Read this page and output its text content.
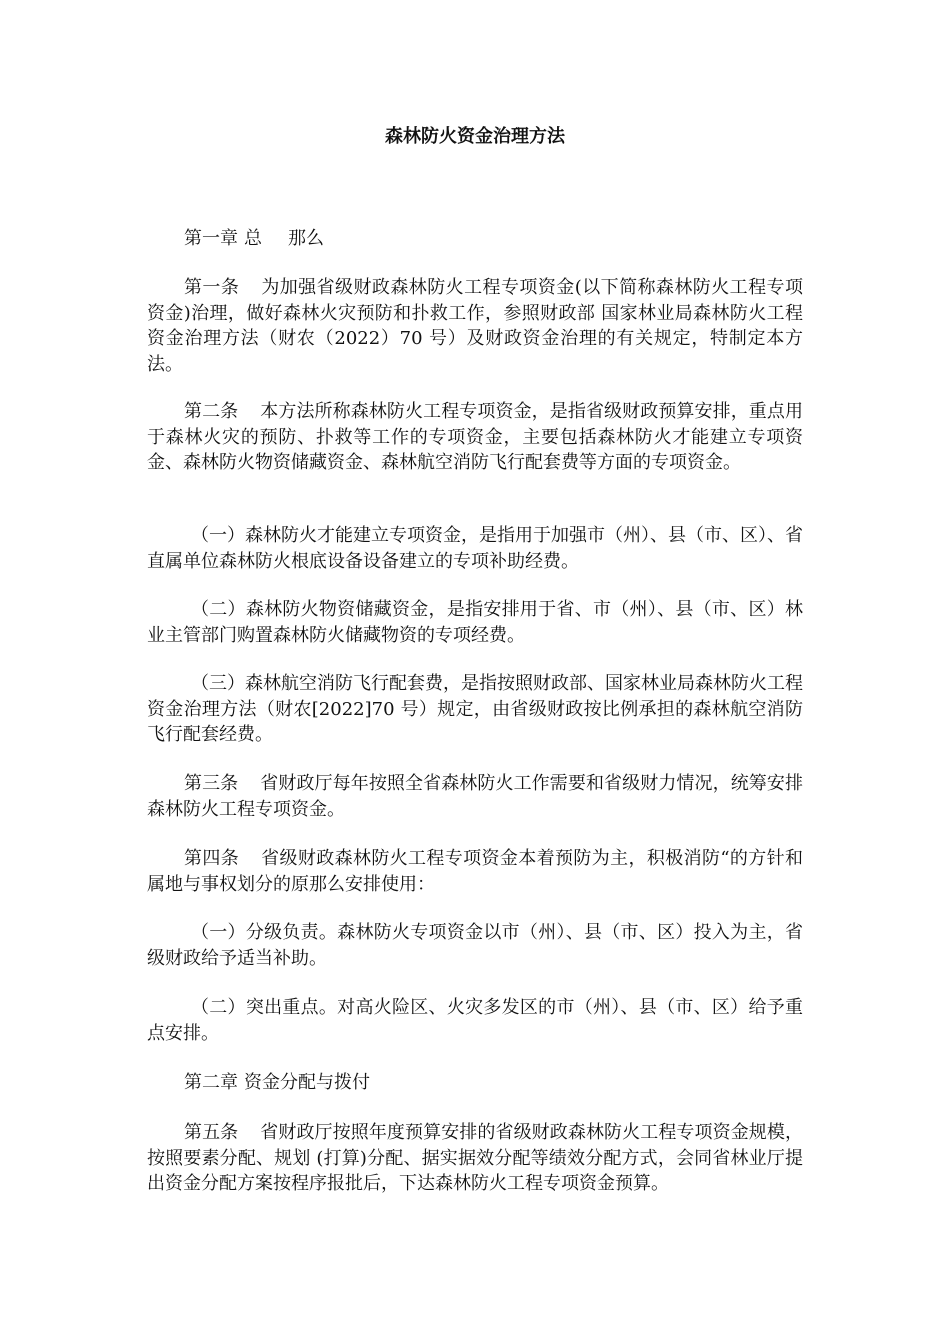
森林防火资金治理方法

第一章 总那么

第一条 为加强省级财政森林防火工程专项资金(以下简称森林防火工程专项资金)治理，做好森林火灾预防和扑救工作，参照财政部 国家林业局森林防火工程资金治理方法（财农（2022）70 号）及财政资金治理的有关规定，特制定本方法。

第二条 本方法所称森林防火工程专项资金，是指省级财政预算安排，重点用于森林火灾的预防、扑救等工作的专项资金，主要包括森林防火才能建立专项资金、森林防火物资储藏资金、森林航空消防飞行配套费等方面的专项资金。

（一）森林防火才能建立专项资金，是指用于加强市（州）、县（市、区）、省直属单位森林防火根底设备设备建立的专项补助经费。

（二）森林防火物资储藏资金，是指安排用于省、市（州）、县（市、区）林业主管部门购置森林防火储藏物资的专项经费。

（三）森林航空消防飞行配套费，是指按照财政部、国家林业局森林防火工程资金治理方法（财农[2022]70 号）规定，由省级财政按比例承担的森林航空消防飞行配套经费。

第三条 省财政厅每年按照全省森林防火工作需要和省级财力情况，统筹安排森林防火工程专项资金。

第四条 省级财政森林防火工程专项资金本着预防为主，积极消防“的方针和属地与事权划分的原那么安排使用：

（一）分级负责。森林防火专项资金以市（州）、县（市、区）投入为主，省级财政给予适当补助。

（二）突出重点。对高火险区、火灾多发区的市（州）、县（市、区）给予重点安排。

第二章 资金分配与拨付

第五条 省财政厅按照年度预算安排的省级财政森林防火工程专项资金规模，按照要素分配、规划 (打算)分配、据实据效分配等绩效分配方式，会同省林业厅提出资金分配方案按程序报批后，下达森林防火工程专项资金预算。
